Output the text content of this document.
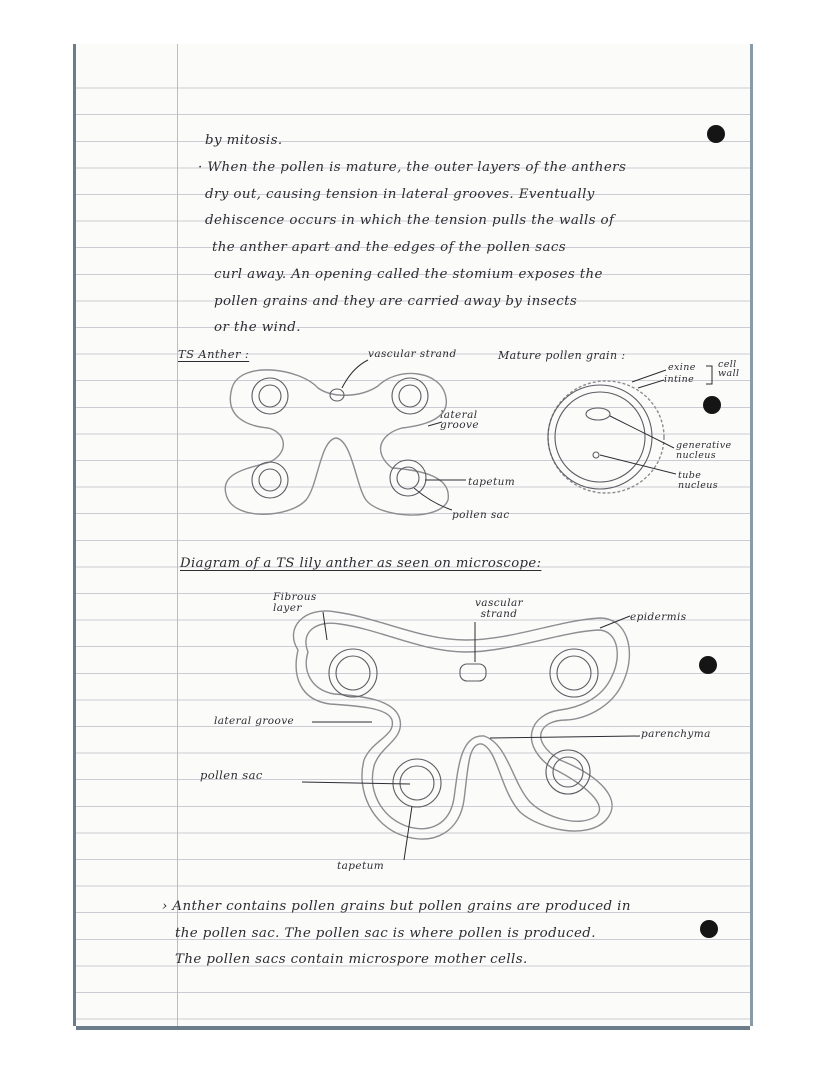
by mitosis.
· When the pollen is mature, the outer layers of the anthers
dry out, causing tension in lateral grooves. Eventually
dehiscence occurs in which the tension pulls the walls of
the anther apart and the edges of the pollen sacs
curl away. An opening called the stomium exposes the
pollen grains and they are carried away by insects
or the wind.
TS Anther :	vascular strand
lateral groove
tapetum
pollen sac
Mature pollen grain :
exine
intine
cell wall
generative nucleus
tube nucleus
Diagram of a TS lily anther as seen on microscope:
Fibrous layer	vascular strand	epidermis
lateral groove
parenchyma
pollen sac
tapetum
› Anther contains pollen grains but pollen grains are produced in
the pollen sac. The pollen sac is where pollen is produced.
The pollen sacs contain microspore mother cells.
